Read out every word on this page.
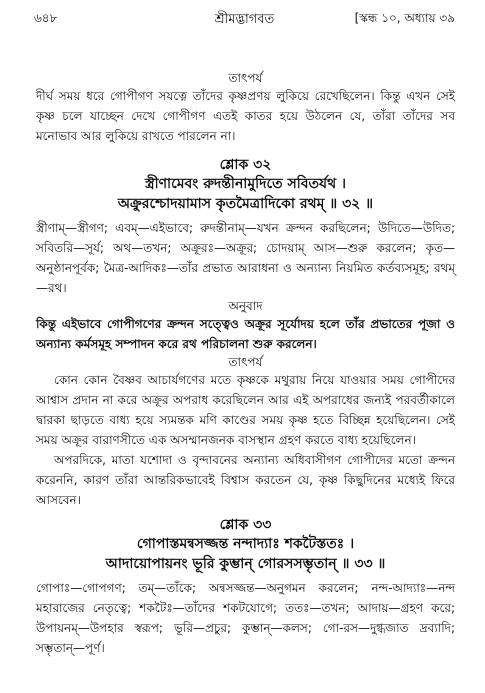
৬৪৮	শ্রীমদ্ভাগবত	[স্কন্ধ ১০, অধ্যায় ৩৯
তাৎপর্য

দীর্ঘ সময় ধরে গোপীগণ সযত্নে তাঁদের কৃষ্ণপ্রণয় লুকিয়ে রেখেছিলেন। কিন্তু এখন সেই কৃষ্ণ চলে যাচ্ছেন দেখে গোপীগণ এতই কাতর হয়ে উঠলেন যে, তাঁরা তাঁদের সব মনোভাব আর লুকিয়ে রাখতে পারলেন না।

শ্লোক ৩২
স্ত্রীণামেবং রুদন্তীনামুদিতে সবিতর্যথ ।
অক্রুরশ্চোদয়ামাস কৃতমৈত্রাদিকো রথম্ ॥ ৩২ ॥

স্ত্রীণাম্—স্ত্রীগণ; এবম্—এইভাবে; রুদন্তীনাম্—যখন ক্রন্দন করছিলেন; উদিতে—উদিত; সবিতরি—সূর্য; অথ—তখন; অক্রূরঃ—অক্রূর; চোদয়াম্ আস—শুরু করলেন; কৃত—অনুষ্ঠানপূর্বক; মৈত্র-আদিকঃ—তাঁর প্রভাত আরাধনা ও অন্যান্য নিয়মিত কর্তব্যসমূহ; রথম্—রথ।

অনুবাদ

কিন্তু এইভাবে গোপীগণের ক্রন্দন সত্ত্বেও অক্রূর সূর্যোদয় হলে তাঁর প্রভাতের পূজা ও অন্যান্য কর্মসমূহ সম্পাদন করে রথ পরিচালনা শুরু করলেন।

তাৎপর্য

কোন কোন বৈষ্ণব আচার্যগণের মতে কৃষ্ণকে মথুরায় নিয়ে যাওয়ার সময় গোপীদের আশ্বাস প্রদান না করে অক্রূর অপরাধ করেছিলেন আর এই অপরাধের জন্যই পরবর্তীকালে দ্বারকা ছাড়তে বাধ্য হয়ে স্যমন্তক মণি কাণ্ডের সময় কৃষ্ণ হতে বিচ্ছিন্ন হয়েছিলেন। সেই সময় অক্রূর বারাণসীতে এক অসম্মানজনক বাসস্থান গ্রহণ করতে বাধ্য হয়েছিলেন।

অপরদিকে, মাতা যশোদা ও বৃন্দাবনের অন্যান্য অধিবাসীগণ গোপীদের মতো ক্রন্দন করেননি, কারণ তাঁরা আন্তরিকভাবেই বিশ্বাস করতেন যে, কৃষ্ণ কিছুদিনের মধ্যেই ফিরে আসবেন।

শ্লোক ৩৩
গোপাস্তমন্বসজ্জন্ত নন্দাদ্যাঃ শকটৈস্ততঃ ।
আদায়োপায়নং ভূরি কুম্ভান্ গোরসসম্ভৃতান্ ॥ ৩৩ ॥

গোপাঃ—গোপগণ; তম্—তাঁকে; অন্বসজ্জন্ত—অনুগমন করলেন; নন্দ-আদ্যাঃ—নন্দ মহারাজের নেতৃত্বে; শকটৈঃ—তাঁদের শকটযোগে; ততঃ—তখন; আদায়—গ্রহণ করে; উপায়নম্—উপহার স্বরূপ; ভূরি—প্রচুর; কুম্ভান্—কলস; গো-রস—দুগ্ধজাত দ্রব্যাদি; সম্ভৃতান্—পূর্ণ।
